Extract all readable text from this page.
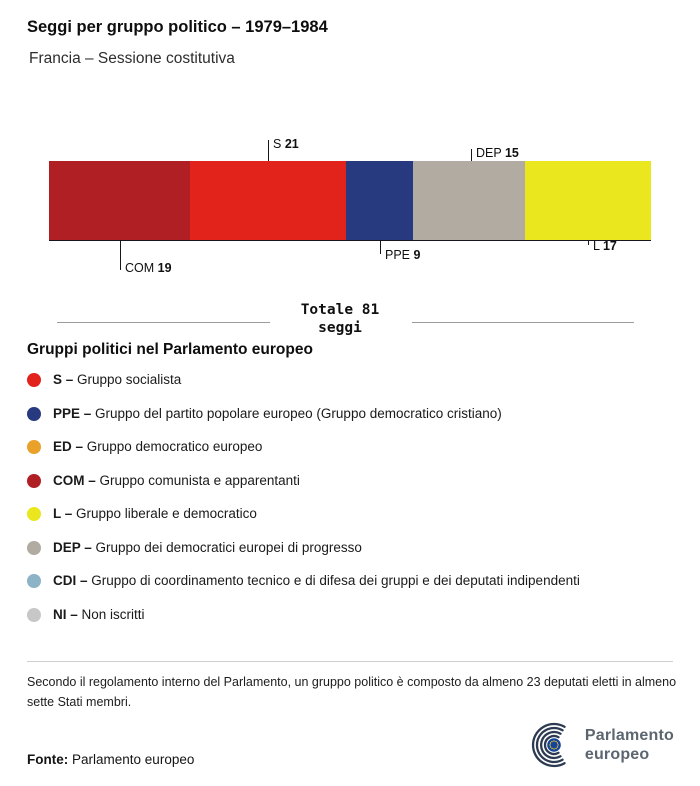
Seggi per gruppo politico – 1979–1984
Francia – Sessione costitutiva
Totale 81
seggi
Gruppi politici nel Parlamento europeo
S – Gruppo socialista
PPE – Gruppo del partito popolare europeo (Gruppo democratico cristiano)
ED – Gruppo democratico europeo
COM – Gruppo comunista e apparentanti
L – Gruppo liberale e democratico
DEP – Gruppo dei democratici europei di progresso
CDI – Gruppo di coordinamento tecnico e di difesa dei gruppi e dei deputati indipendenti
NI – Non iscritti
Secondo il regolamento interno del Parlamento, un gruppo politico è composto da almeno 23 deputati eletti in almeno sette Stati membri.
Fonte: Parlamento europeo
Parlamento
europeo
COM 19
S 21
PPE 9
DEP 15
L 17
